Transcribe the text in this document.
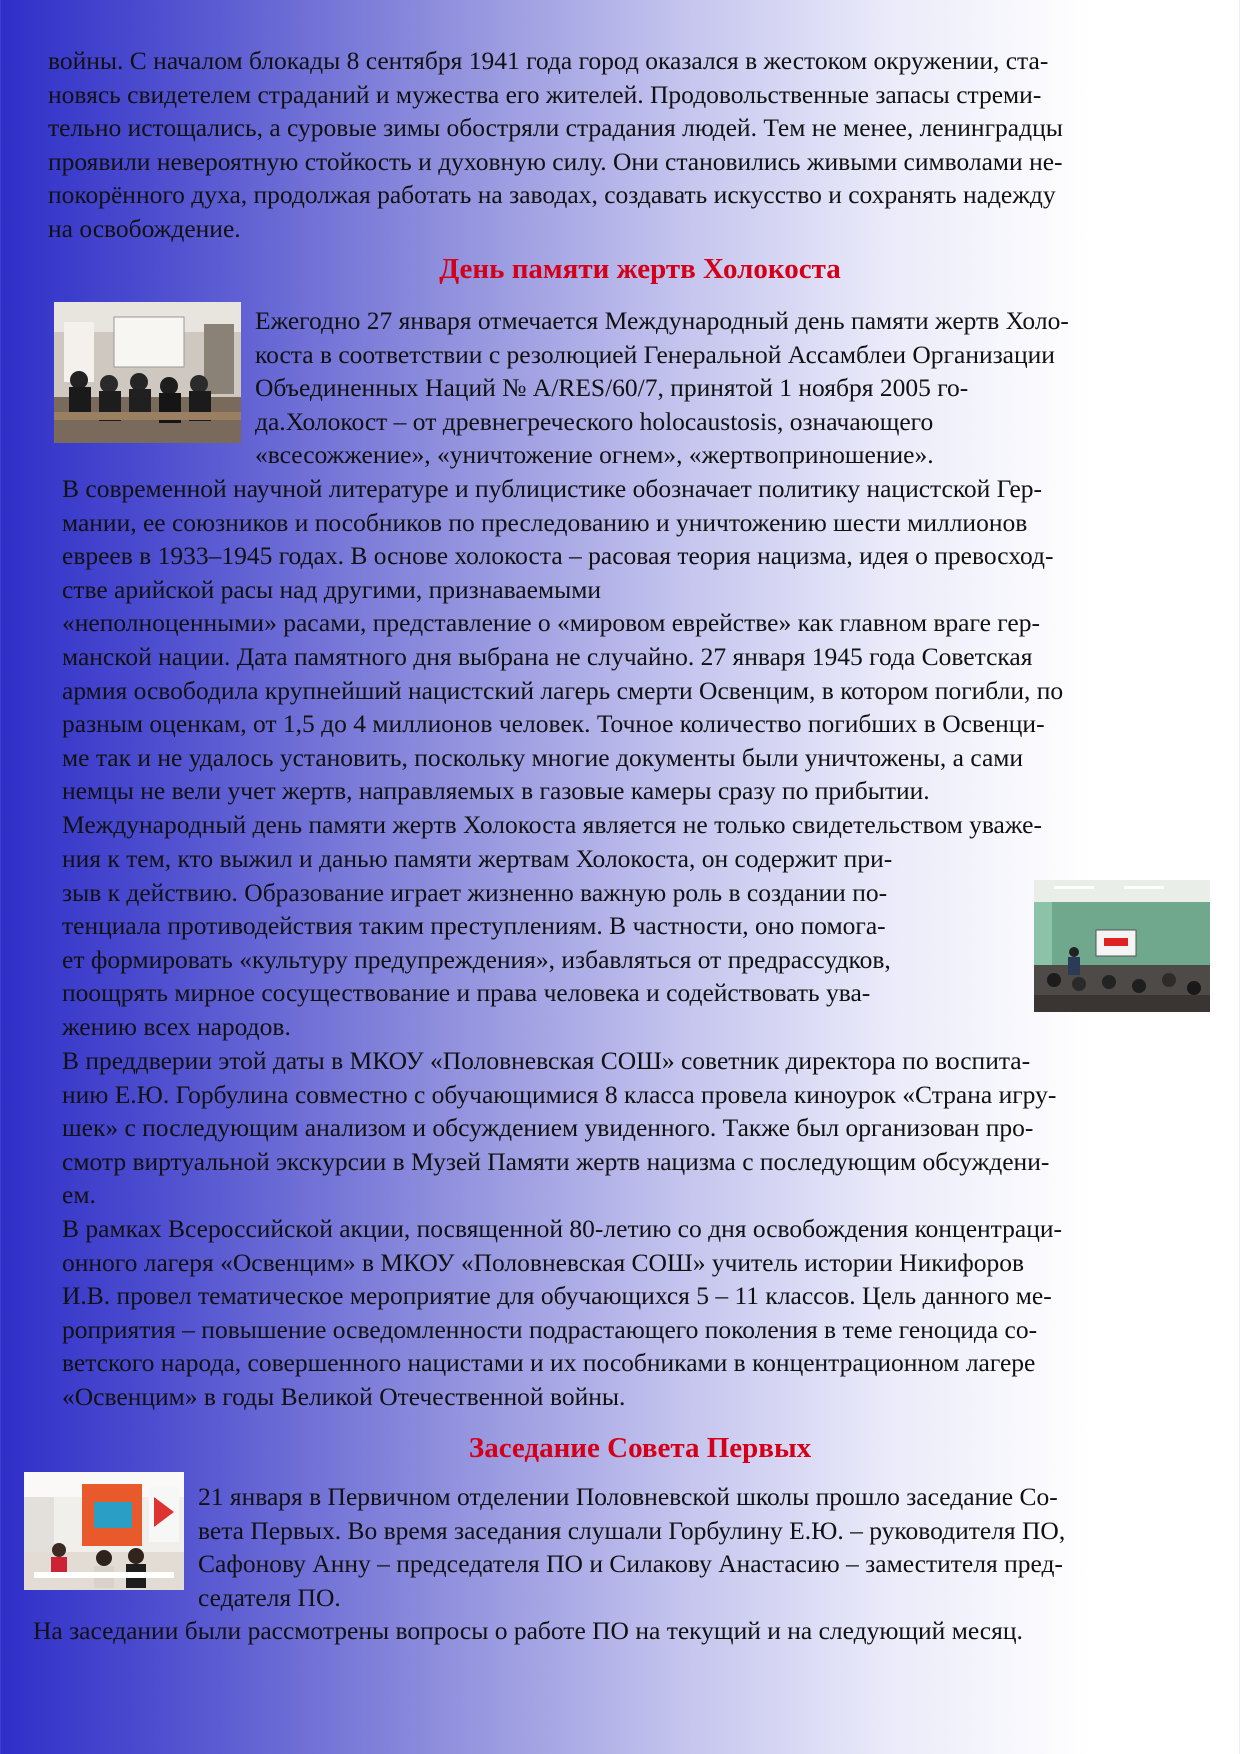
войны. С началом блокады 8 сентября 1941 года город оказался в жестоком окружении, ста-
новясь свидетелем страданий и мужества его жителей. Продовольственные запасы стреми-
тельно истощались, а суровые зимы обостряли страдания людей. Тем не менее, ленинградцы
проявили невероятную стойкость и духовную силу. Они становились живыми символами не-
покорённого духа, продолжая работать на заводах, создавать искусство и сохранять надежду
на освобождение.
День памяти жертв Холокоста
Ежегодно 27 января отмечается Международный день памяти жертв Холо-
коста в соответствии с резолюцией Генеральной Ассамблеи Организации
Объединенных Наций № A/RES/60/7, принятой 1 ноября 2005 го-
да.Холокост – от древнегреческого holocaustosis, означающего
«всесожжение», «уничтожение огнем», «жертвоприношение».
В современной научной литературе и публицистике обозначает политику нацистской Гер-
мании, ее союзников и пособников по преследованию и уничтожению шести миллионов
евреев в 1933–1945 годах. В основе холокоста – расовая теория нацизма, идея о превосход-
стве арийской расы над другими, признаваемыми
«неполноценными» расами, представление о «мировом еврействе» как главном враге гер-
манской нации. Дата памятного дня выбрана не случайно. 27 января 1945 года Советская
армия освободила крупнейший нацистский лагерь смерти Освенцим, в котором погибли, по
разным оценкам, от 1,5 до 4 миллионов человек. Точное количество погибших в Освенци-
ме так и не удалось установить, поскольку многие документы были уничтожены, а сами
немцы не вели учет жертв, направляемых в газовые камеры сразу по прибытии.
Международный день памяти жертв Холокоста является не только свидетельством уваже-
ния к тем, кто выжил и данью памяти жертвам Холокоста, он содержит при-
зыв к действию. Образование играет жизненно важную роль в создании по-
тенциала противодействия таким преступлениям. В частности, оно помога-
ет формировать «культуру предупреждения», избавляться от предрассудков,
поощрять мирное сосуществование и права человека и содействовать ува-
жению всех народов.
В преддверии этой даты в МКОУ «Половневская СОШ» советник директора по воспита-
нию Е.Ю. Горбулина совместно с обучающимися 8 класса провела киноурок «Страна игру-
шек» с последующим анализом и обсуждением увиденного. Также был организован про-
смотр виртуальной экскурсии в Музей Памяти жертв нацизма с последующим обсуждени-
ем.
В рамках Всероссийской акции, посвященной 80-летию со дня освобождения концентраци-
онного лагеря «Освенцим» в МКОУ «Половневская СОШ» учитель истории Никифоров
И.В. провел тематическое мероприятие для обучающихся 5 – 11 классов. Цель данного ме-
роприятия – повышение осведомленности подрастающего поколения в теме геноцида со-
ветского народа, совершенного нацистами и их пособниками в концентрационном лагере
«Освенцим» в годы Великой Отечественной войны.
Заседание Совета Первых
21 января в Первичном отделении Половневской школы прошло заседание Со-
вета Первых. Во время заседания слушали Горбулину Е.Ю. – руководителя ПО,
Сафонову Анну – председателя ПО и Силакову Анастасию – заместителя пред-
седателя ПО.
На заседании были рассмотрены вопросы о работе ПО на текущий и на следующий месяц.
